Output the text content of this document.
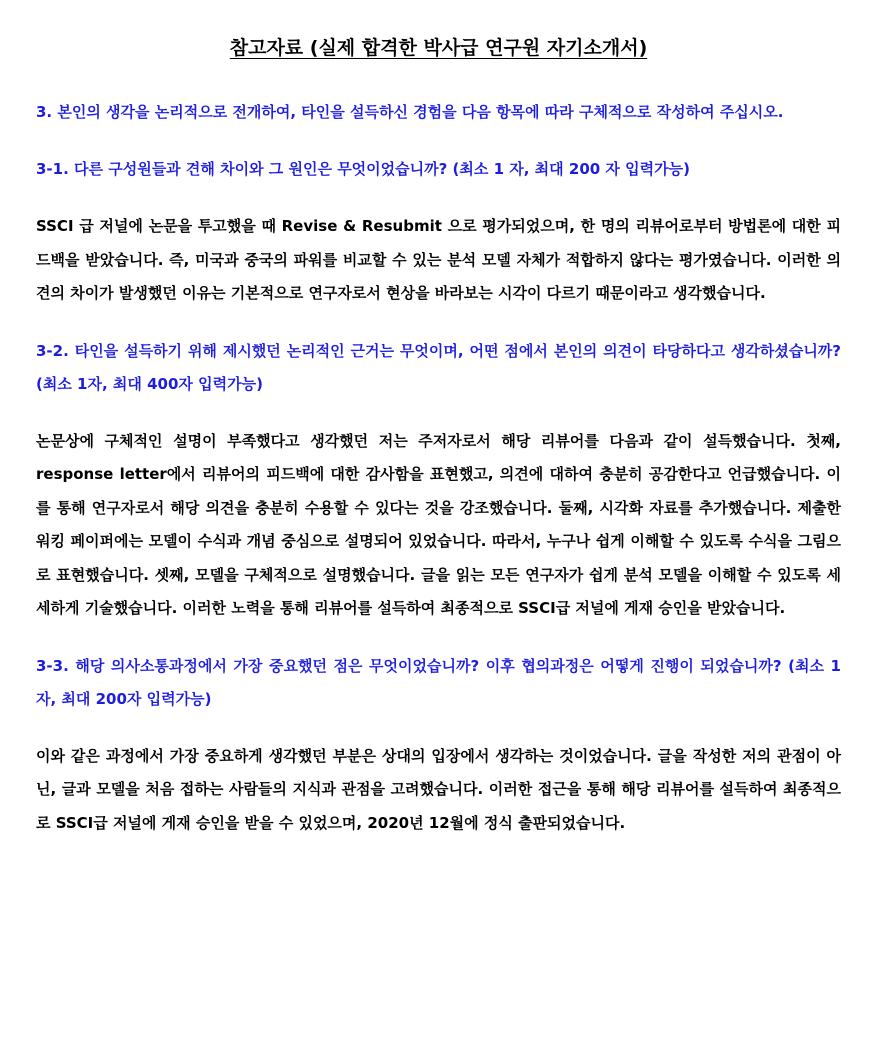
참고자료 (실제 합격한 박사급 연구원 자기소개서)

3. 본인의 생각을 논리적으로 전개하여, 타인을 설득하신 경험을 다음 항목에 따라 구체적으로 작성하여 주십시오.

3-1. 다른 구성원들과 견해 차이와 그 원인은 무엇이었습니까? (최소 1 자, 최대 200 자 입력가능)

SSCI 급 저널에 논문을 투고했을 때 Revise & Resubmit 으로 평가되었으며, 한 명의 리뷰어로부터 방법론에 대한 피드백을 받았습니다. 즉, 미국과 중국의 파워를 비교할 수 있는 분석 모델 자체가 적합하지 않다는 평가였습니다. 이러한 의견의 차이가 발생했던 이유는 기본적으로 연구자로서 현상을 바라보는 시각이 다르기 때문이라고 생각했습니다.

3-2. 타인을 설득하기 위해 제시했던 논리적인 근거는 무엇이며, 어떤 점에서 본인의 의견이 타당하다고 생각하셨습니까? (최소 1자, 최대 400자 입력가능)

논문상에 구체적인 설명이 부족했다고 생각했던 저는 주저자로서 해당 리뷰어를 다음과 같이 설득했습니다. 첫째, response letter에서 리뷰어의 피드백에 대한 감사함을 표현했고, 의견에 대하여 충분히 공감한다고 언급했습니다. 이를 통해 연구자로서 해당 의견을 충분히 수용할 수 있다는 것을 강조했습니다. 둘째, 시각화 자료를 추가했습니다. 제출한 워킹 페이퍼에는 모델이 수식과 개념 중심으로 설명되어 있었습니다. 따라서, 누구나 쉽게 이해할 수 있도록 수식을 그림으로 표현했습니다. 셋째, 모델을 구체적으로 설명했습니다. 글을 읽는 모든 연구자가 쉽게 분석 모델을 이해할 수 있도록 세세하게 기술했습니다. 이러한 노력을 통해 리뷰어를 설득하여 최종적으로 SSCI급 저널에 게재 승인을 받았습니다.

3-3. 해당 의사소통과정에서 가장 중요했던 점은 무엇이었습니까? 이후 협의과정은 어떻게 진행이 되었습니까? (최소 1자, 최대 200자 입력가능)

이와 같은 과정에서 가장 중요하게 생각했던 부분은 상대의 입장에서 생각하는 것이었습니다. 글을 작성한 저의 관점이 아닌, 글과 모델을 처음 접하는 사람들의 지식과 관점을 고려했습니다. 이러한 접근을 통해 해당 리뷰어를 설득하여 최종적으로 SSCI급 저널에 게재 승인을 받을 수 있었으며, 2020년 12월에 정식 출판되었습니다.
